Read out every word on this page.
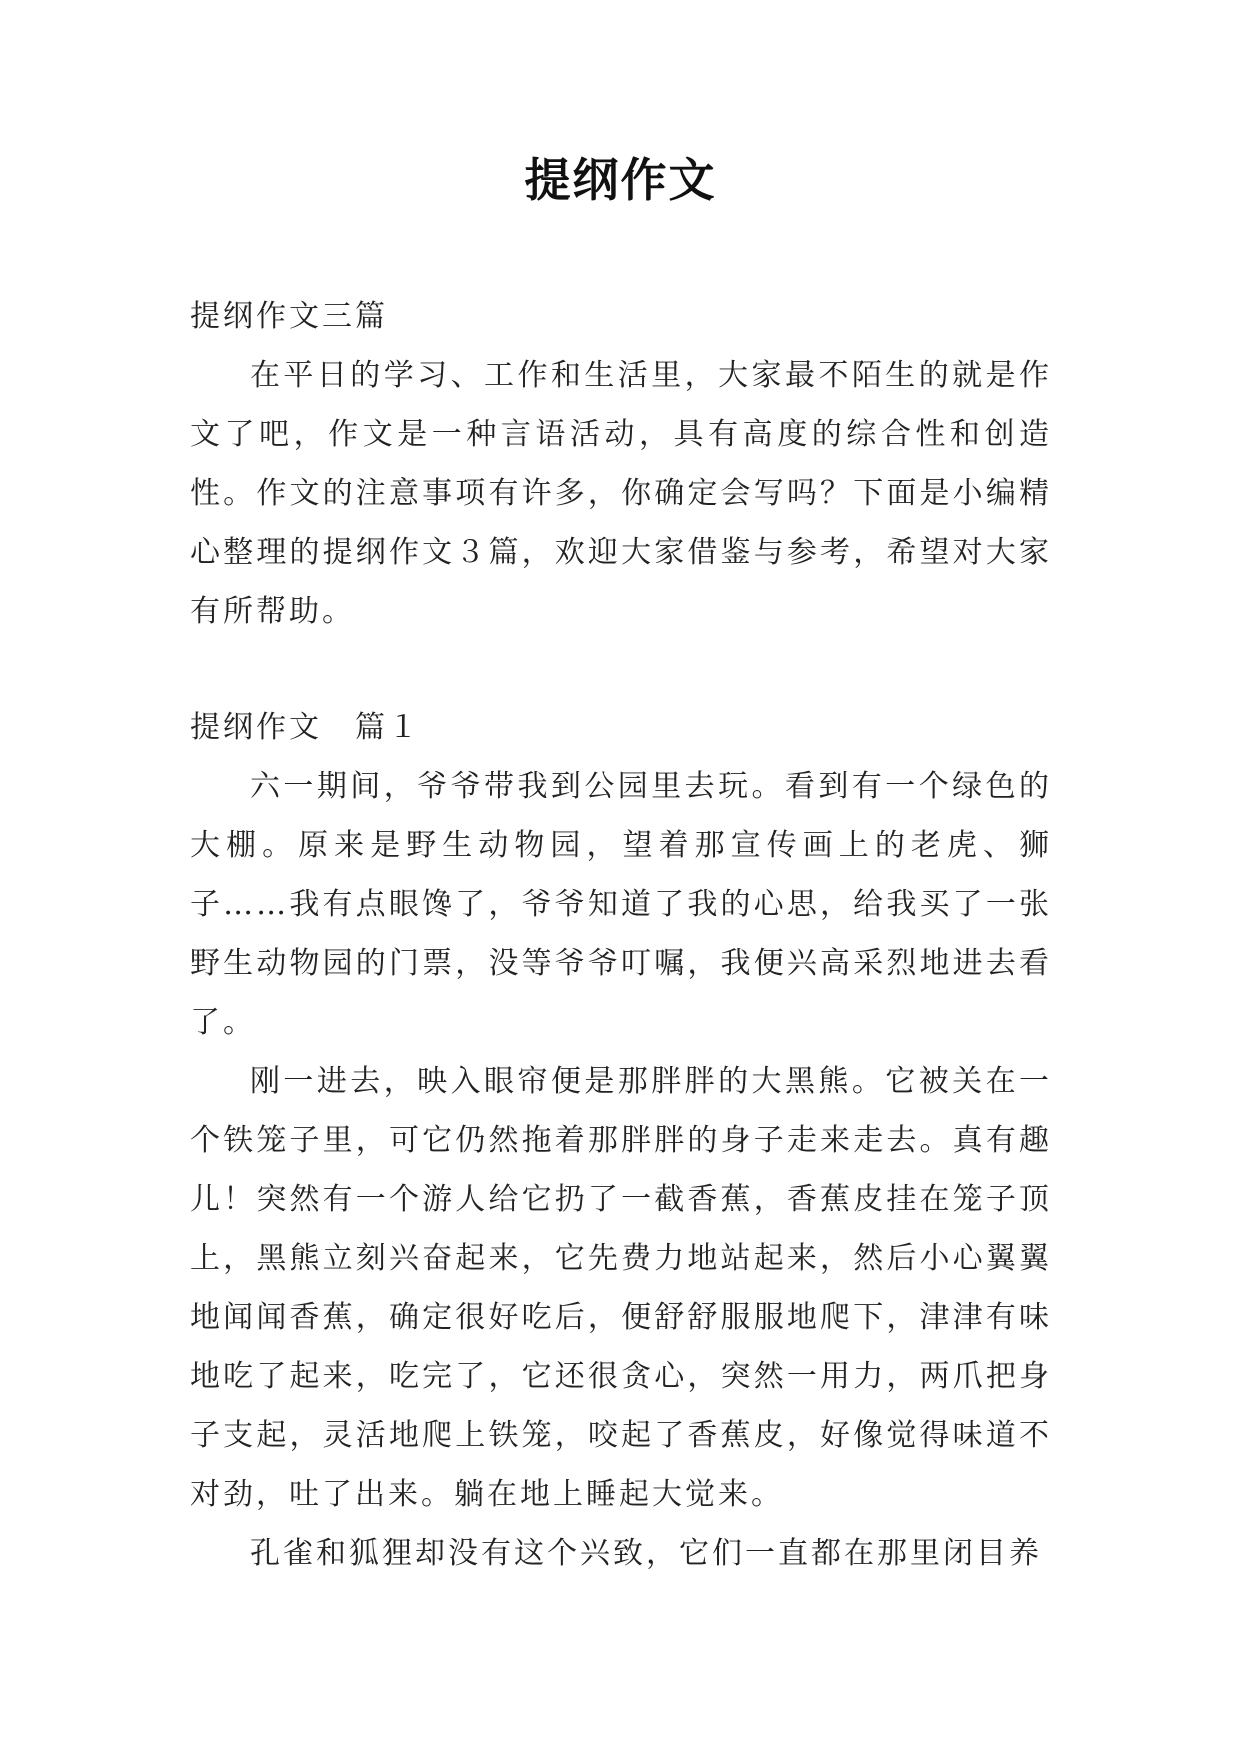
提纲作文

提纲作文三篇

在平日的学习、工作和生活里，大家最不陌生的就是作文了吧，作文是一种言语活动，具有高度的综合性和创造性。作文的注意事项有许多，你确定会写吗？下面是小编精心整理的提纲作文３篇，欢迎大家借鉴与参考，希望对大家有所帮助。

提纲作文　篇１

六一期间，爷爷带我到公园里去玩。看到有一个绿色的大棚。原来是野生动物园，望着那宣传画上的老虎、狮子……我有点眼馋了，爷爷知道了我的心思，给我买了一张野生动物园的门票，没等爷爷叮嘱，我便兴高采烈地进去看了。

刚一进去，映入眼帘便是那胖胖的大黑熊。它被关在一个铁笼子里，可它仍然拖着那胖胖的身子走来走去。真有趣儿！突然有一个游人给它扔了一截香蕉，香蕉皮挂在笼子顶上，黑熊立刻兴奋起来，它先费力地站起来，然后小心翼翼地闻闻香蕉，确定很好吃后，便舒舒服服地爬下，津津有味地吃了起来，吃完了，它还很贪心，突然一用力，两爪把身子支起，灵活地爬上铁笼，咬起了香蕉皮，好像觉得味道不对劲，吐了出来。躺在地上睡起大觉来。

孔雀和狐狸却没有这个兴致，它们一直都在那里闭目养
